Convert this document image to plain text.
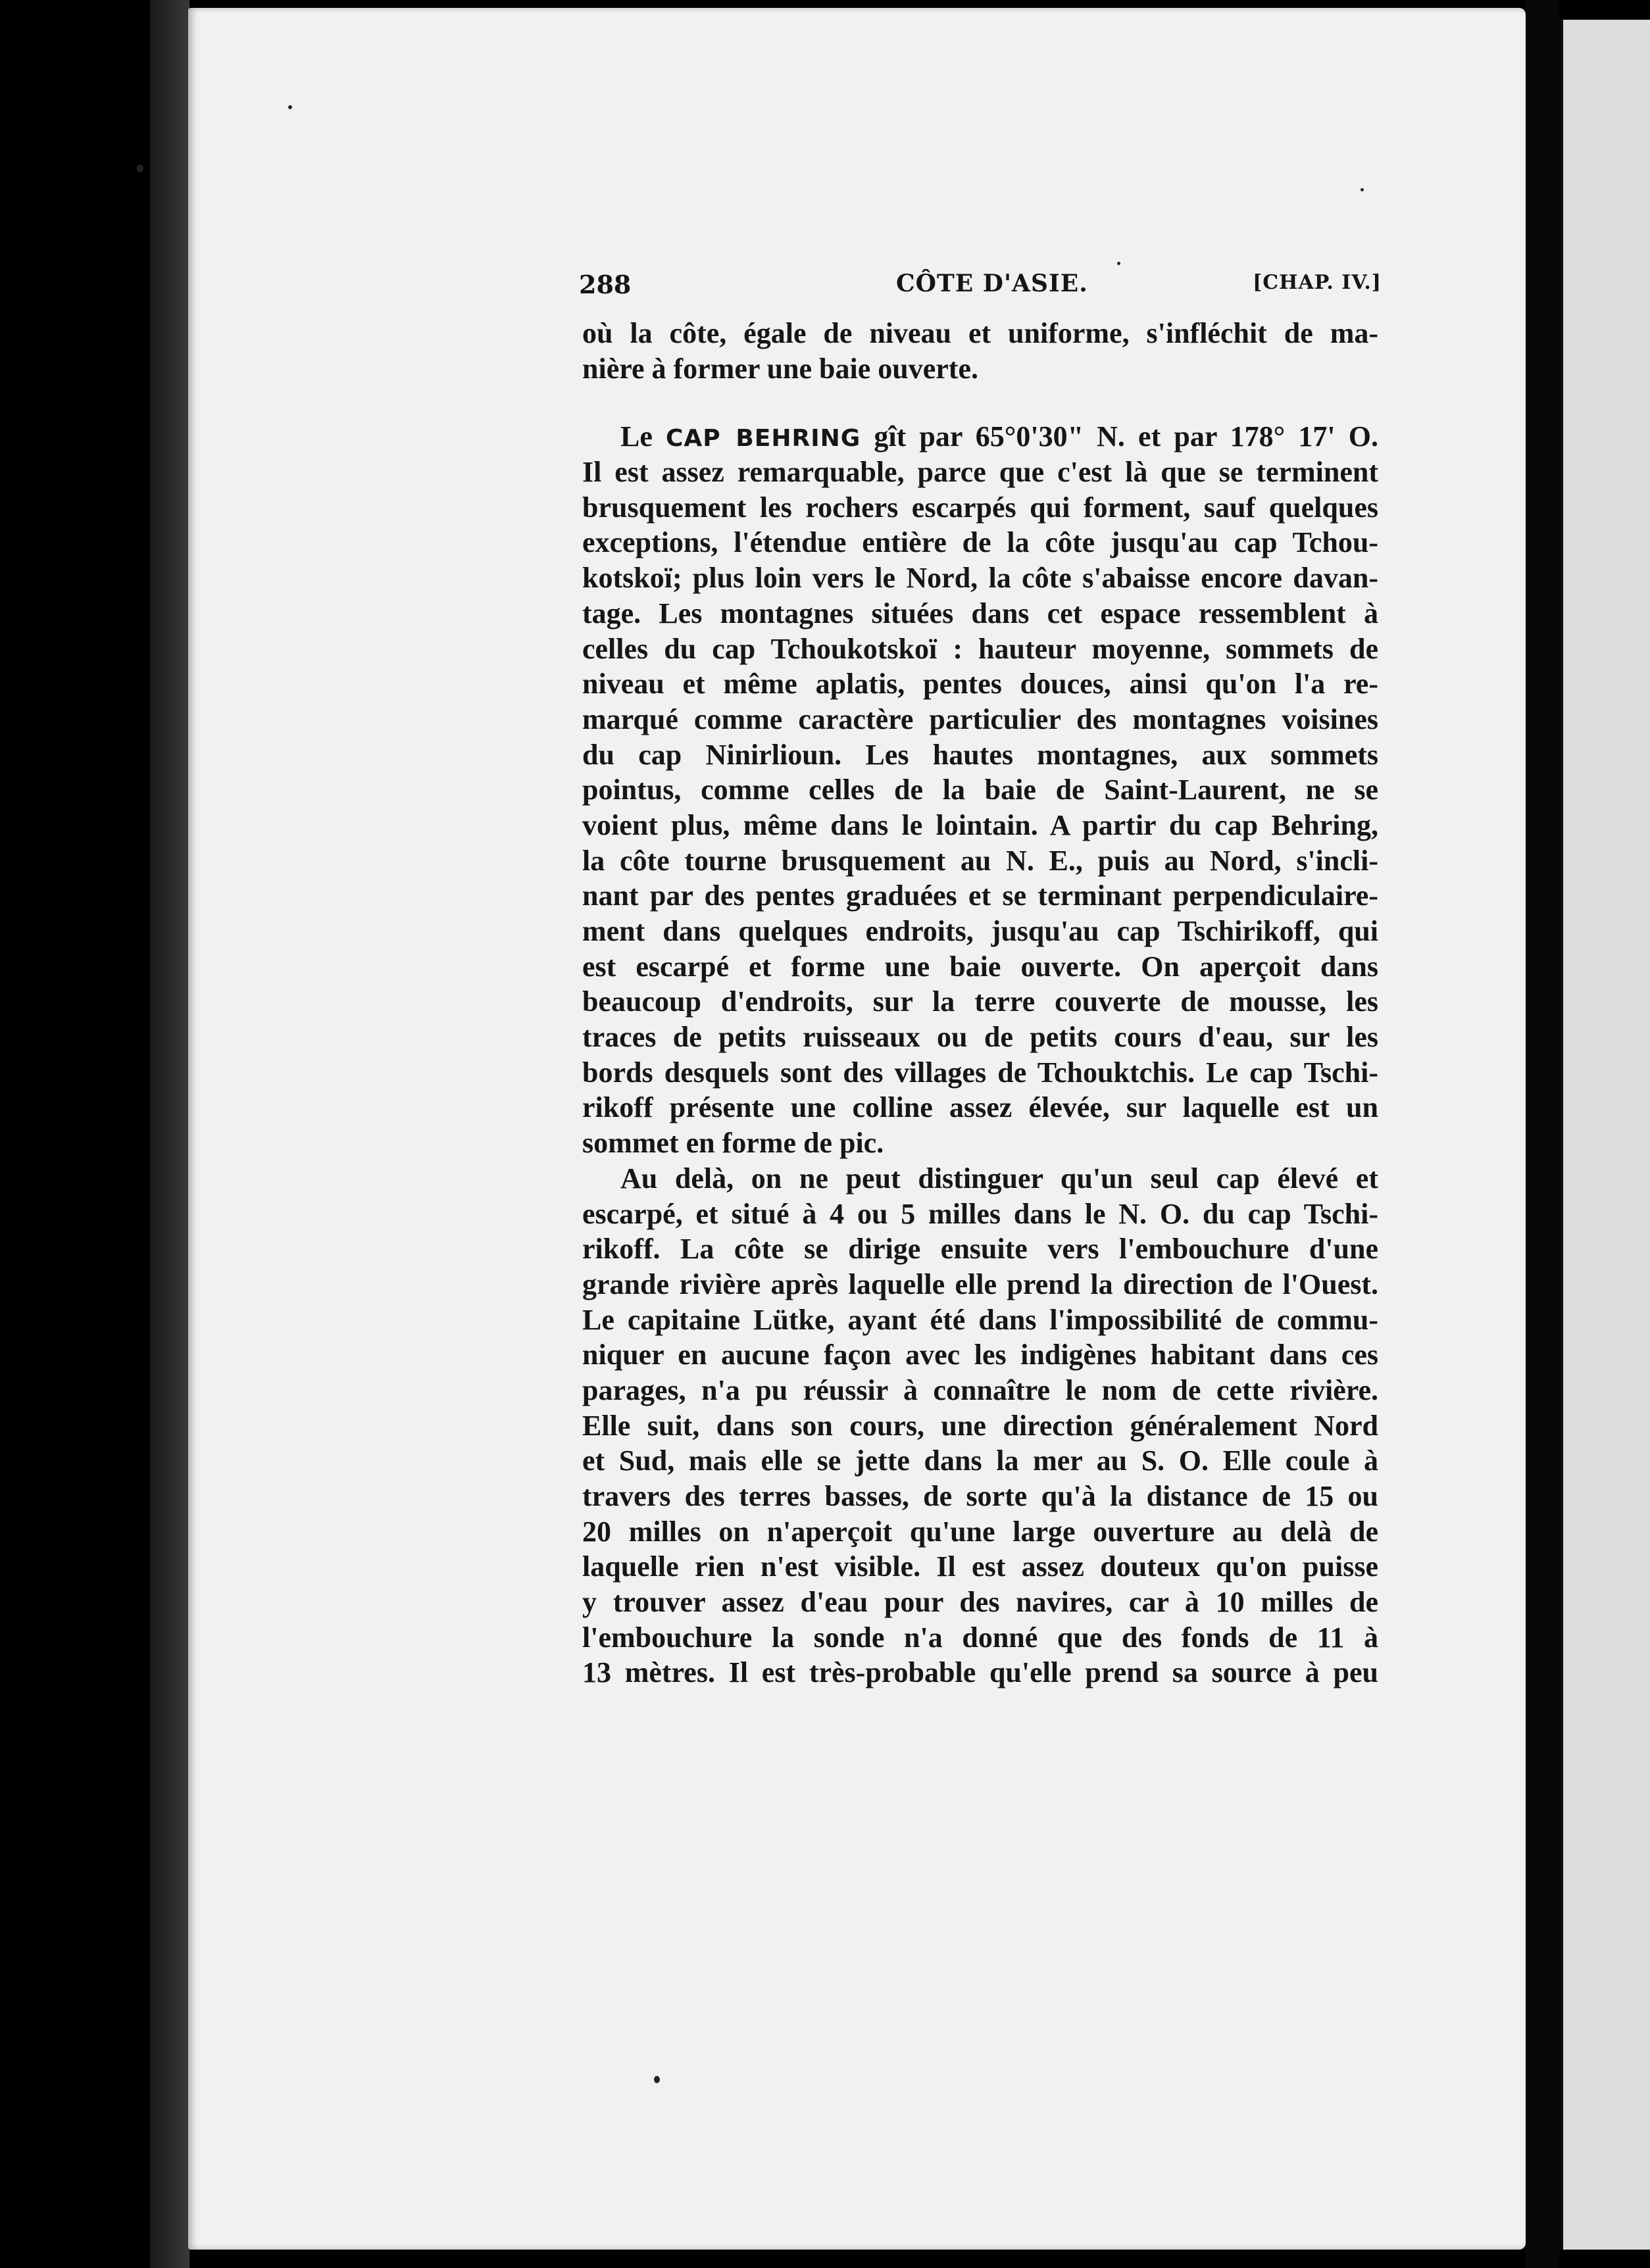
288	CÔTE D'ASIE.	[CHAP. IV.]
où la côte, égale de niveau et uniforme, s'infléchit de ma-
nière à former une baie ouverte.
Le CAP BEHRING gît par 65°0'30" N. et par 178° 17' O.
Il est assez remarquable, parce que c'est là que se terminent
brusquement les rochers escarpés qui forment, sauf quelques
exceptions, l'étendue entière de la côte jusqu'au cap Tchou-
kotskoï; plus loin vers le Nord, la côte s'abaisse encore davan-
tage. Les montagnes situées dans cet espace ressemblent à
celles du cap Tchoukotskoï : hauteur moyenne, sommets de
niveau et même aplatis, pentes douces, ainsi qu'on l'a re-
marqué comme caractère particulier des montagnes voisines
du cap Ninirlioun. Les hautes montagnes, aux sommets
pointus, comme celles de la baie de Saint-Laurent, ne se
voient plus, même dans le lointain. A partir du cap Behring,
la côte tourne brusquement au N. E., puis au Nord, s'incli-
nant par des pentes graduées et se terminant perpendiculaire-
ment dans quelques endroits, jusqu'au cap Tschirikoff, qui
est escarpé et forme une baie ouverte. On aperçoit dans
beaucoup d'endroits, sur la terre couverte de mousse, les
traces de petits ruisseaux ou de petits cours d'eau, sur les
bords desquels sont des villages de Tchouktchis. Le cap Tschi-
rikoff présente une colline assez élevée, sur laquelle est un
sommet en forme de pic.
Au delà, on ne peut distinguer qu'un seul cap élevé et
escarpé, et situé à 4 ou 5 milles dans le N. O. du cap Tschi-
rikoff. La côte se dirige ensuite vers l'embouchure d'une
grande rivière après laquelle elle prend la direction de l'Ouest.
Le capitaine Lütke, ayant été dans l'impossibilité de commu-
niquer en aucune façon avec les indigènes habitant dans ces
parages, n'a pu réussir à connaître le nom de cette rivière.
Elle suit, dans son cours, une direction généralement Nord
et Sud, mais elle se jette dans la mer au S. O. Elle coule à
travers des terres basses, de sorte qu'à la distance de 15 ou
20 milles on n'aperçoit qu'une large ouverture au delà de
laquelle rien n'est visible. Il est assez douteux qu'on puisse
y trouver assez d'eau pour des navires, car à 10 milles de
l'embouchure la sonde n'a donné que des fonds de 11 à
13 mètres. Il est très-probable qu'elle prend sa source à peu
